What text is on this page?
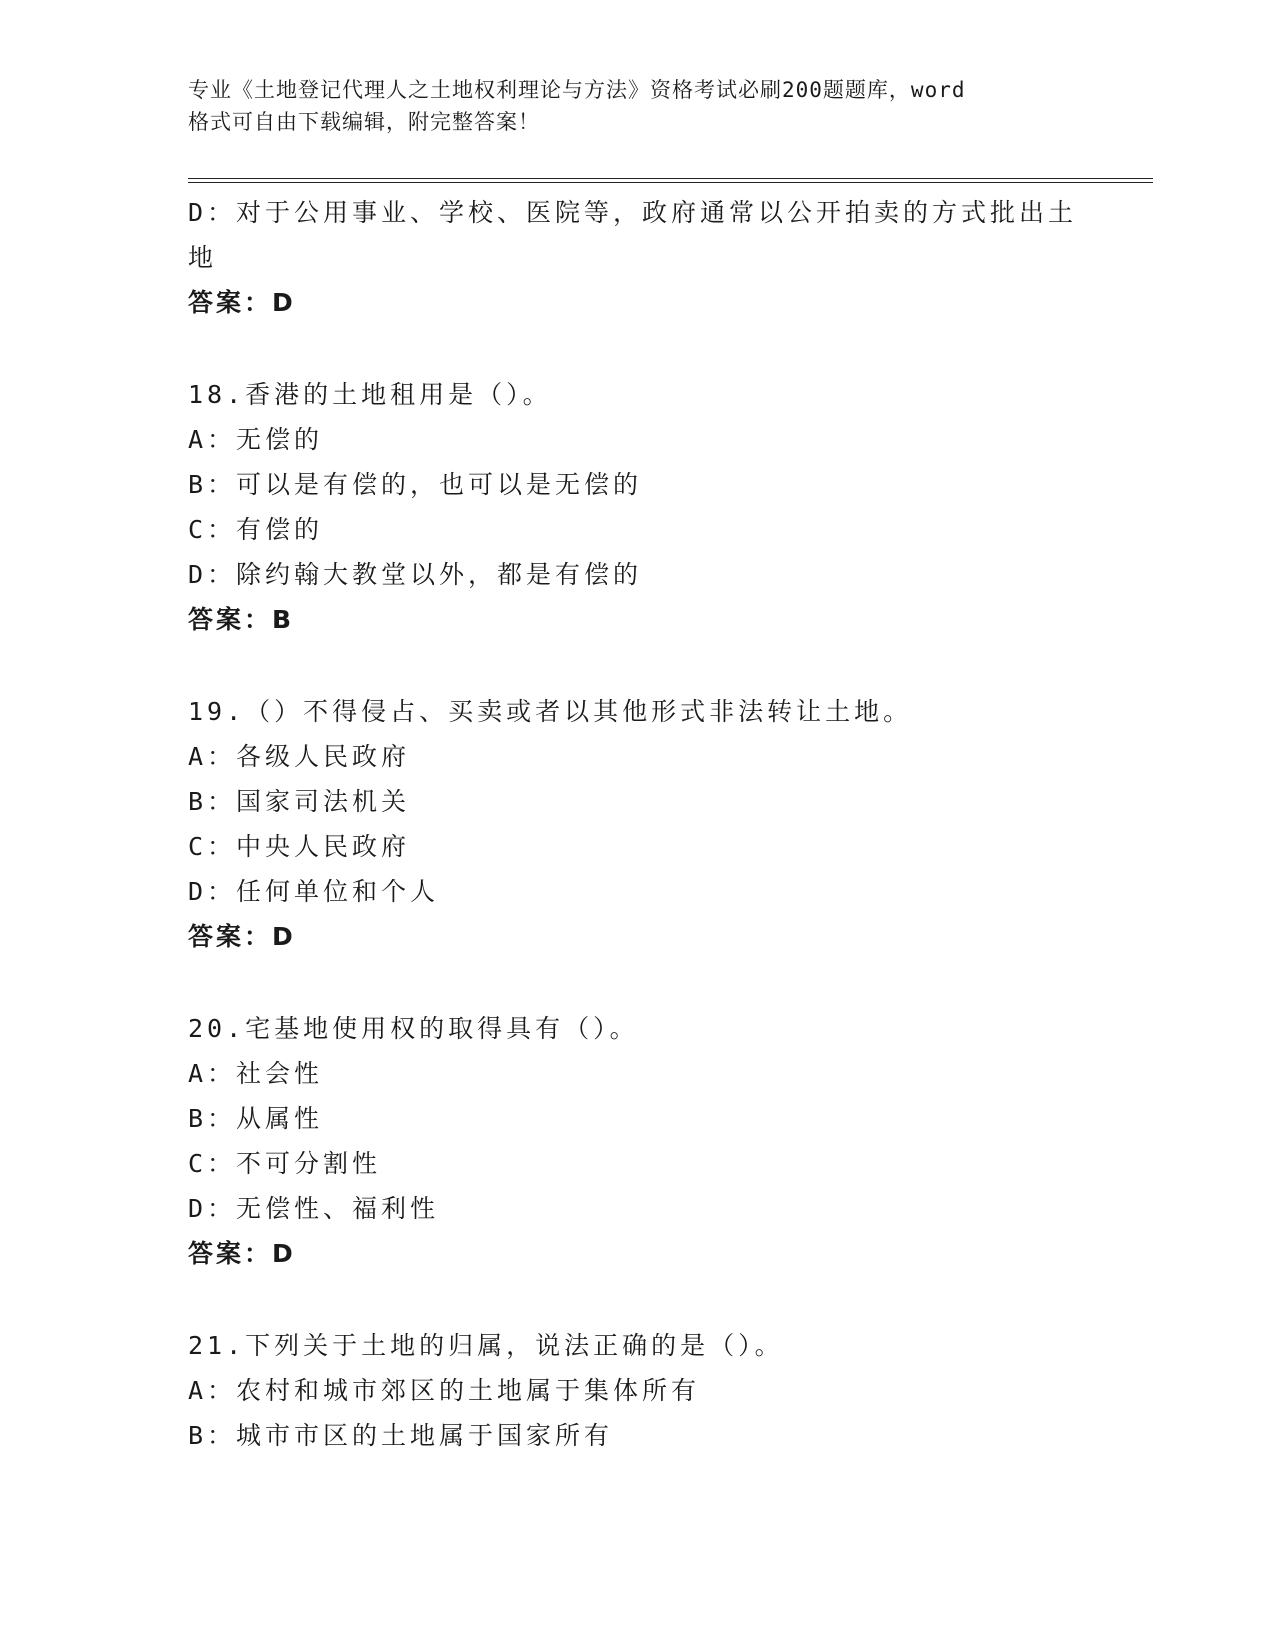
专业《土地登记代理人之土地权利理论与方法》资格考试必刷200题题库，word
格式可自由下载编辑，附完整答案！
D：对于公用事业、学校、医院等，政府通常以公开拍卖的方式批出土
地
答案：D
18.香港的土地租用是（）。
A：无偿的
B：可以是有偿的，也可以是无偿的
C：有偿的
D：除约翰大教堂以外，都是有偿的
答案：B
19.（）不得侵占、买卖或者以其他形式非法转让土地。
A：各级人民政府
B：国家司法机关
C：中央人民政府
D：任何单位和个人
答案：D
20.宅基地使用权的取得具有（）。
A：社会性
B：从属性
C：不可分割性
D：无偿性、福利性
答案：D
21.下列关于土地的归属，说法正确的是（）。
A：农村和城市郊区的土地属于集体所有
B：城市市区的土地属于国家所有
